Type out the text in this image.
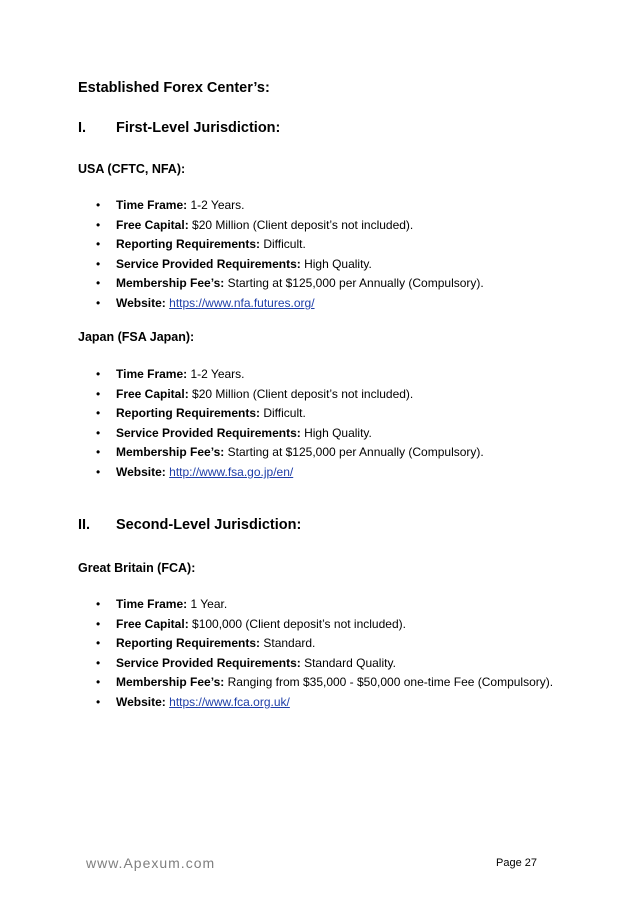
Established Forex Center’s:
I.	First-Level Jurisdiction:
USA (CFTC, NFA):
• Time Frame: 1-2 Years.
• Free Capital: $20 Million (Client deposit’s not included).
• Reporting Requirements: Difficult.
• Service Provided Requirements: High Quality.
• Membership Fee’s: Starting at $125,000 per Annually (Compulsory).
• Website: https://www.nfa.futures.org/
Japan (FSA Japan):
• Time Frame: 1-2 Years.
• Free Capital: $20 Million (Client deposit’s not included).
• Reporting Requirements: Difficult.
• Service Provided Requirements: High Quality.
• Membership Fee’s: Starting at $125,000 per Annually (Compulsory).
• Website: http://www.fsa.go.jp/en/
II.	Second-Level Jurisdiction:
Great Britain (FCA):
• Time Frame: 1 Year.
• Free Capital: $100,000 (Client deposit’s not included).
• Reporting Requirements: Standard.
• Service Provided Requirements: Standard Quality.
• Membership Fee’s: Ranging from $35,000 - $50,000 one-time Fee (Compulsory).
• Website: https://www.fca.org.uk/
www.Apexum.com	Page 27
